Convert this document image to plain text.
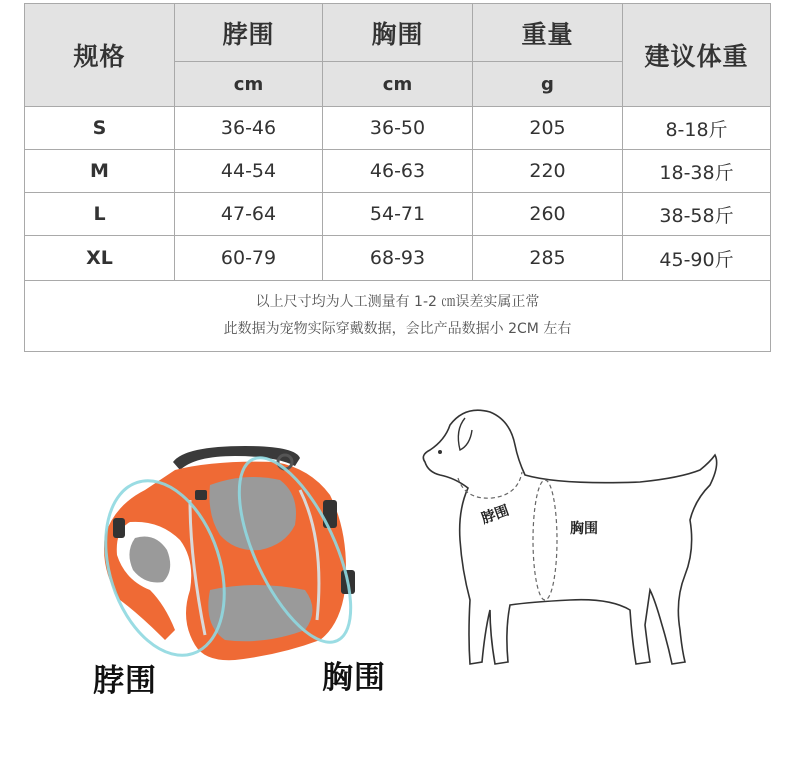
规格
脖围	胸围	重量
建议体重
cm	cm	g
S	36-46	36-50	205	8-18斤
M	44-54	46-63	220	18-38斤
L	47-64	54-71	260	38-58斤
XL	60-79	68-93	285	45-90斤
以上尺寸均为人工测量有 1-2 ㎝误差实属正常
此数据为宠物实际穿戴数据，会比产品数据小 2CM 左右
脖围	胸围
脖围
胸围
